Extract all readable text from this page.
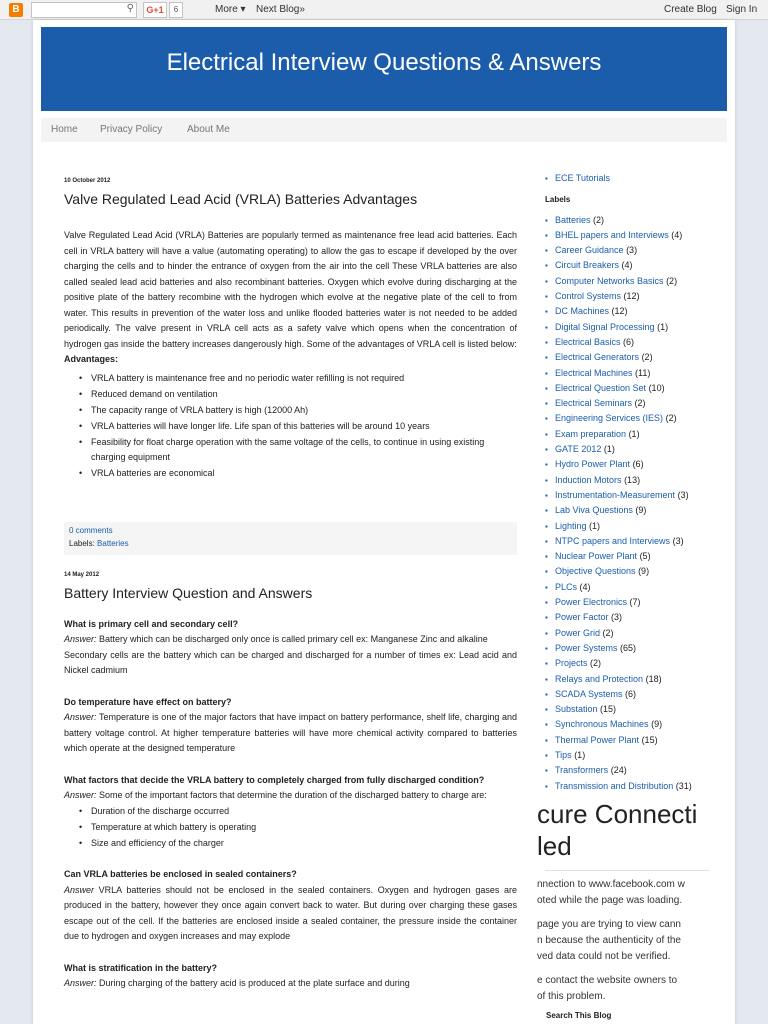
B	⚲	G+1	6	More ▾ Next Blog»	Create Blog Sign In
Electrical Interview Questions & Answers
Home Privacy Policy About Me
10 October 2012
Valve Regulated Lead Acid (VRLA) Batteries Advantages
Valve Regulated Lead Acid (VRLA) Batteries are popularly termed as maintenance free lead acid batteries. Each cell in VRLA battery will have a value (automating operating) to allow the gas to escape if developed by the over charging the cells and to hinder the entrance of oxygen from the air into the cell These VRLA batteries are also called sealed lead acid batteries and also recombinant batteries. Oxygen which evolve during discharging at the positive plate of the battery recombine with the hydrogen which evolve at the negative plate of the cell to from water. This results in prevention of the water loss and unlike flooded batteries water is not needed to be added periodically. The valve present in VRLA cell acts as a safety valve which opens when the concentration of hydrogen gas inside the battery increases dangerously high. Some of the advantages of VRLA cell is listed below:
Advantages:
• VRLA battery is maintenance free and no periodic water refilling is not required
• Reduced demand on ventilation
• The capacity range of VRLA battery is high (12000 Ah)
• VRLA batteries will have longer life. Life span of this batteries will be around 10 years
• Feasibility for float charge operation with the same voltage of the cells, to continue in using existing charging equipment
• VRLA batteries are economical
0 comments
Labels: Batteries
14 May 2012
Battery Interview Question and Answers
What is primary cell and secondary cell?
Answer: Battery which can be discharged only once is called primary cell ex: Manganese Zinc and alkaline
Secondary cells are the battery which can be charged and discharged for a number of times ex: Lead acid and Nickel cadmium
Do temperature have effect on battery?
Answer: Temperature is one of the major factors that have impact on battery performance, shelf life, charging and battery voltage control. At higher temperature batteries will have more chemical activity compared to batteries which operate at the designed temperature
What factors that decide the VRLA battery to completely charged from fully discharged condition?
Answer: Some of the important factors that determine the duration of the discharged battery to charge are:
• Duration of the discharge occurred
• Temperature at which battery is operating
• Size and efficiency of the charger
Can VRLA batteries be enclosed in sealed containers?
Answer VRLA batteries should not be enclosed in the sealed containers. Oxygen and hydrogen gases are produced in the battery, however they once again convert back to water. But during over charging these gases escape out of the cell. If the batteries are enclosed inside a sealed container, the pressure inside the container due to hydrogen and oxygen increases and may explode
What is stratification in the battery?
Answer: During charging of the battery acid is produced at the plate surface and during
▪ ECE Tutorials
Labels
▪ Batteries (2)
▪ BHEL papers and Interviews (4)
▪ Career Guidance (3)
▪ Circuit Breakers (4)
▪ Computer Networks Basics (2)
▪ Control Systems (12)
▪ DC Machines (12)
▪ Digital Signal Processing (1)
▪ Electrical Basics (6)
▪ Electrical Generators (2)
▪ Electrical Machines (11)
▪ Electrical Question Set (10)
▪ Electrical Seminars (2)
▪ Engineering Services (IES) (2)
▪ Exam preparation (1)
▪ GATE 2012 (1)
▪ Hydro Power Plant (6)
▪ Induction Motors (13)
▪ Instrumentation-Measurement (3)
▪ Lab Viva Questions (9)
▪ Lighting (1)
▪ NTPC papers and Interviews (3)
▪ Nuclear Power Plant (5)
▪ Objective Questions (9)
▪ PLCs (4)
▪ Power Electronics (7)
▪ Power Factor (3)
▪ Power Grid (2)
▪ Power Systems (65)
▪ Projects (2)
▪ Relays and Protection (18)
▪ SCADA Systems (6)
▪ Substation (15)
▪ Synchronous Machines (9)
▪ Thermal Power Plant (15)
▪ Tips (1)
▪ Transformers (24)
▪ Transmission and Distribution (31)
cure Connecti
led
nnection to www.facebook.com w
oted while the page was loading.
page you are trying to view cann
n because the authenticity of the
ved data could not be verified.
e contact the website owners to
of this problem.
Search This Blog
